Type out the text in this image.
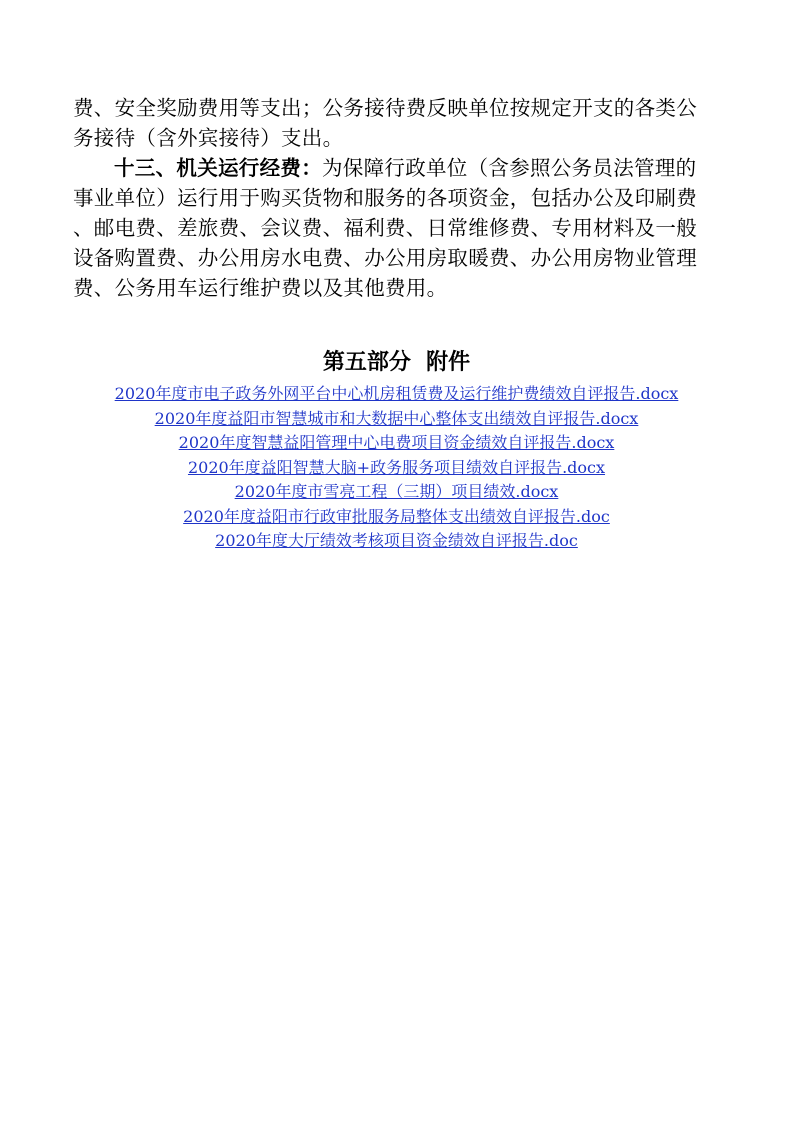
费、安全奖励费用等支出；公务接待费反映单位按规定开支的各类公
务接待（含外宾接待）支出。
十三、机关运行经费：为保障行政单位（含参照公务员法管理的
事业单位）运行用于购买货物和服务的各项资金，包括办公及印刷费
、邮电费、差旅费、会议费、福利费、日常维修费、专用材料及一般
设备购置费、办公用房水电费、办公用房取暖费、办公用房物业管理
费、公务用车运行维护费以及其他费用。
第五部分  附件
2020年度市电子政务外网平台中心机房租赁费及运行维护费绩效自评报告.docx
2020年度益阳市智慧城市和大数据中心整体支出绩效自评报告.docx
2020年度智慧益阳管理中心电费项目资金绩效自评报告.docx
2020年度益阳智慧大脑+政务服务项目绩效自评报告.docx
2020年度市雪亮工程（三期）项目绩效.docx
2020年度益阳市行政审批服务局整体支出绩效自评报告.doc
2020年度大厅绩效考核项目资金绩效自评报告.doc
